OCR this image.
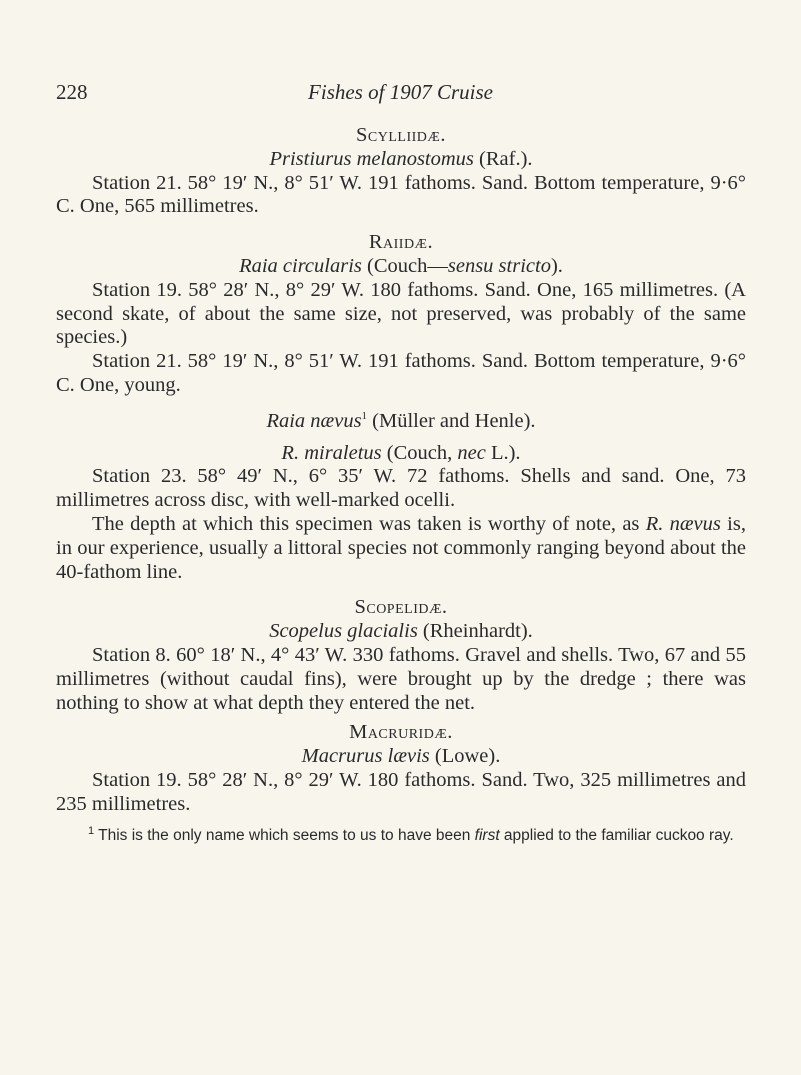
228	Fishes of 1907 Cruise
Scylliidæ.
Pristiurus melanostomus (Raf.).
Station 21. 58° 19′ N., 8° 51′ W. 191 fathoms. Sand. Bottom temperature, 9·6° C. One, 565 millimetres.
Raiidæ.
Raia circularis (Couch—sensu stricto).
Station 19. 58° 28′ N., 8° 29′ W. 180 fathoms. Sand. One, 165 millimetres. (A second skate, of about the same size, not preserved, was probably of the same species.)
Station 21. 58° 19′ N., 8° 51′ W. 191 fathoms. Sand. Bottom temperature, 9·6° C. One, young.
Raia nævus$^1$ (Müller and Henle).
R. miraletus (Couch, nec L.).
Station 23. 58° 49′ N., 6° 35′ W. 72 fathoms. Shells and sand. One, 73 millimetres across disc, with well-marked ocelli.
The depth at which this specimen was taken is worthy of note, as R. nævus is, in our experience, usually a littoral species not commonly ranging beyond about the 40-fathom line.
Scopelidæ.
Scopelus glacialis (Rheinhardt).
Station 8. 60° 18′ N., 4° 43′ W. 330 fathoms. Gravel and shells. Two, 67 and 55 millimetres (without caudal fins), were brought up by the dredge ; there was nothing to show at what depth they entered the net.
Macruridæ.
Macrurus lævis (Lowe).
Station 19. 58° 28′ N., 8° 29′ W. 180 fathoms. Sand. Two, 325 millimetres and 235 millimetres.
$^1$ This is the only name which seems to us to have been first applied to the familiar cuckoo ray.
